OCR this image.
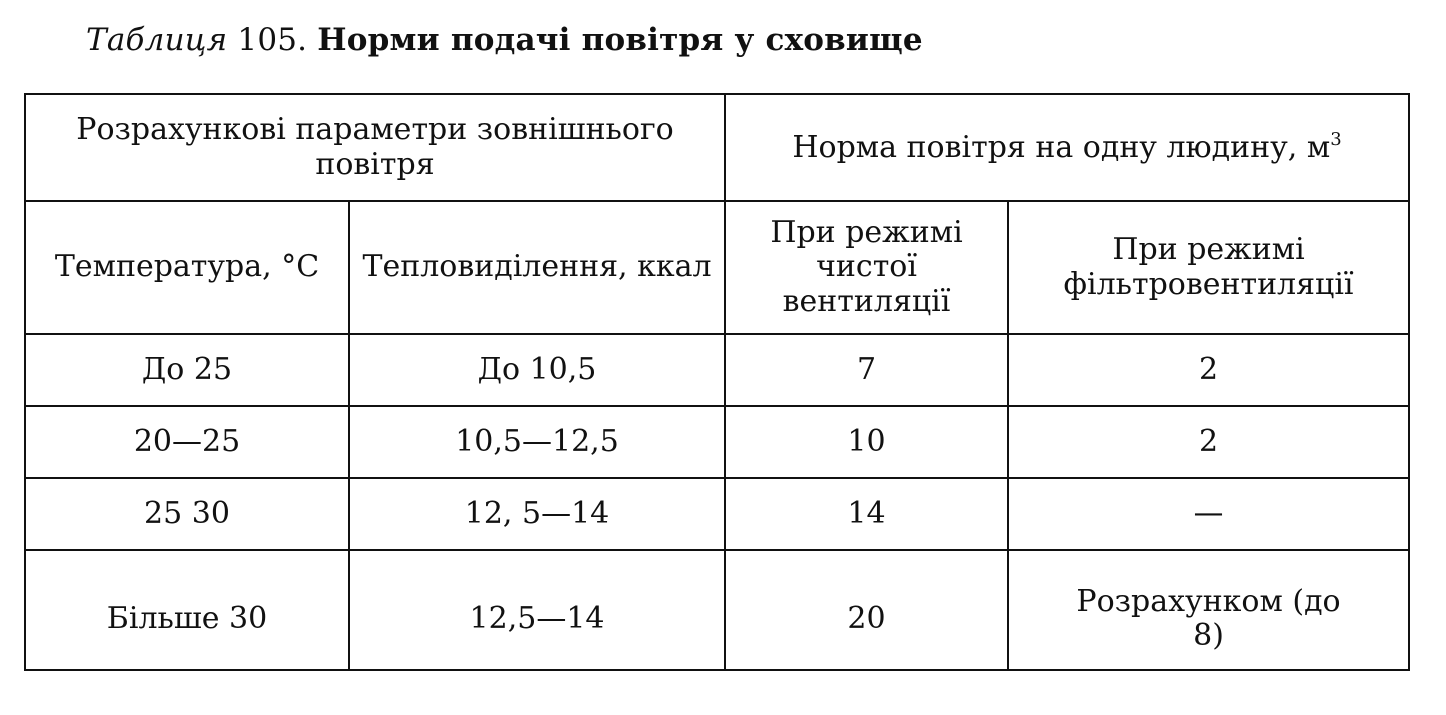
Таблиця 105. Норми подачі повітря у сховище
Розрахункові параметри зовнішнього повітря		Норма повітря на одну людину, $м^3$
Температура, °С	Тепловиділення, ккал	При режимі чистої вентиляції	При режимі фільтровентиляції
До 25	До 10,5	7	2
20—25	10,5—12,5	10	2
25 30	12, 5—14	14	—
Більше 30	12,5—14	20	Розрахунком (до 8)
